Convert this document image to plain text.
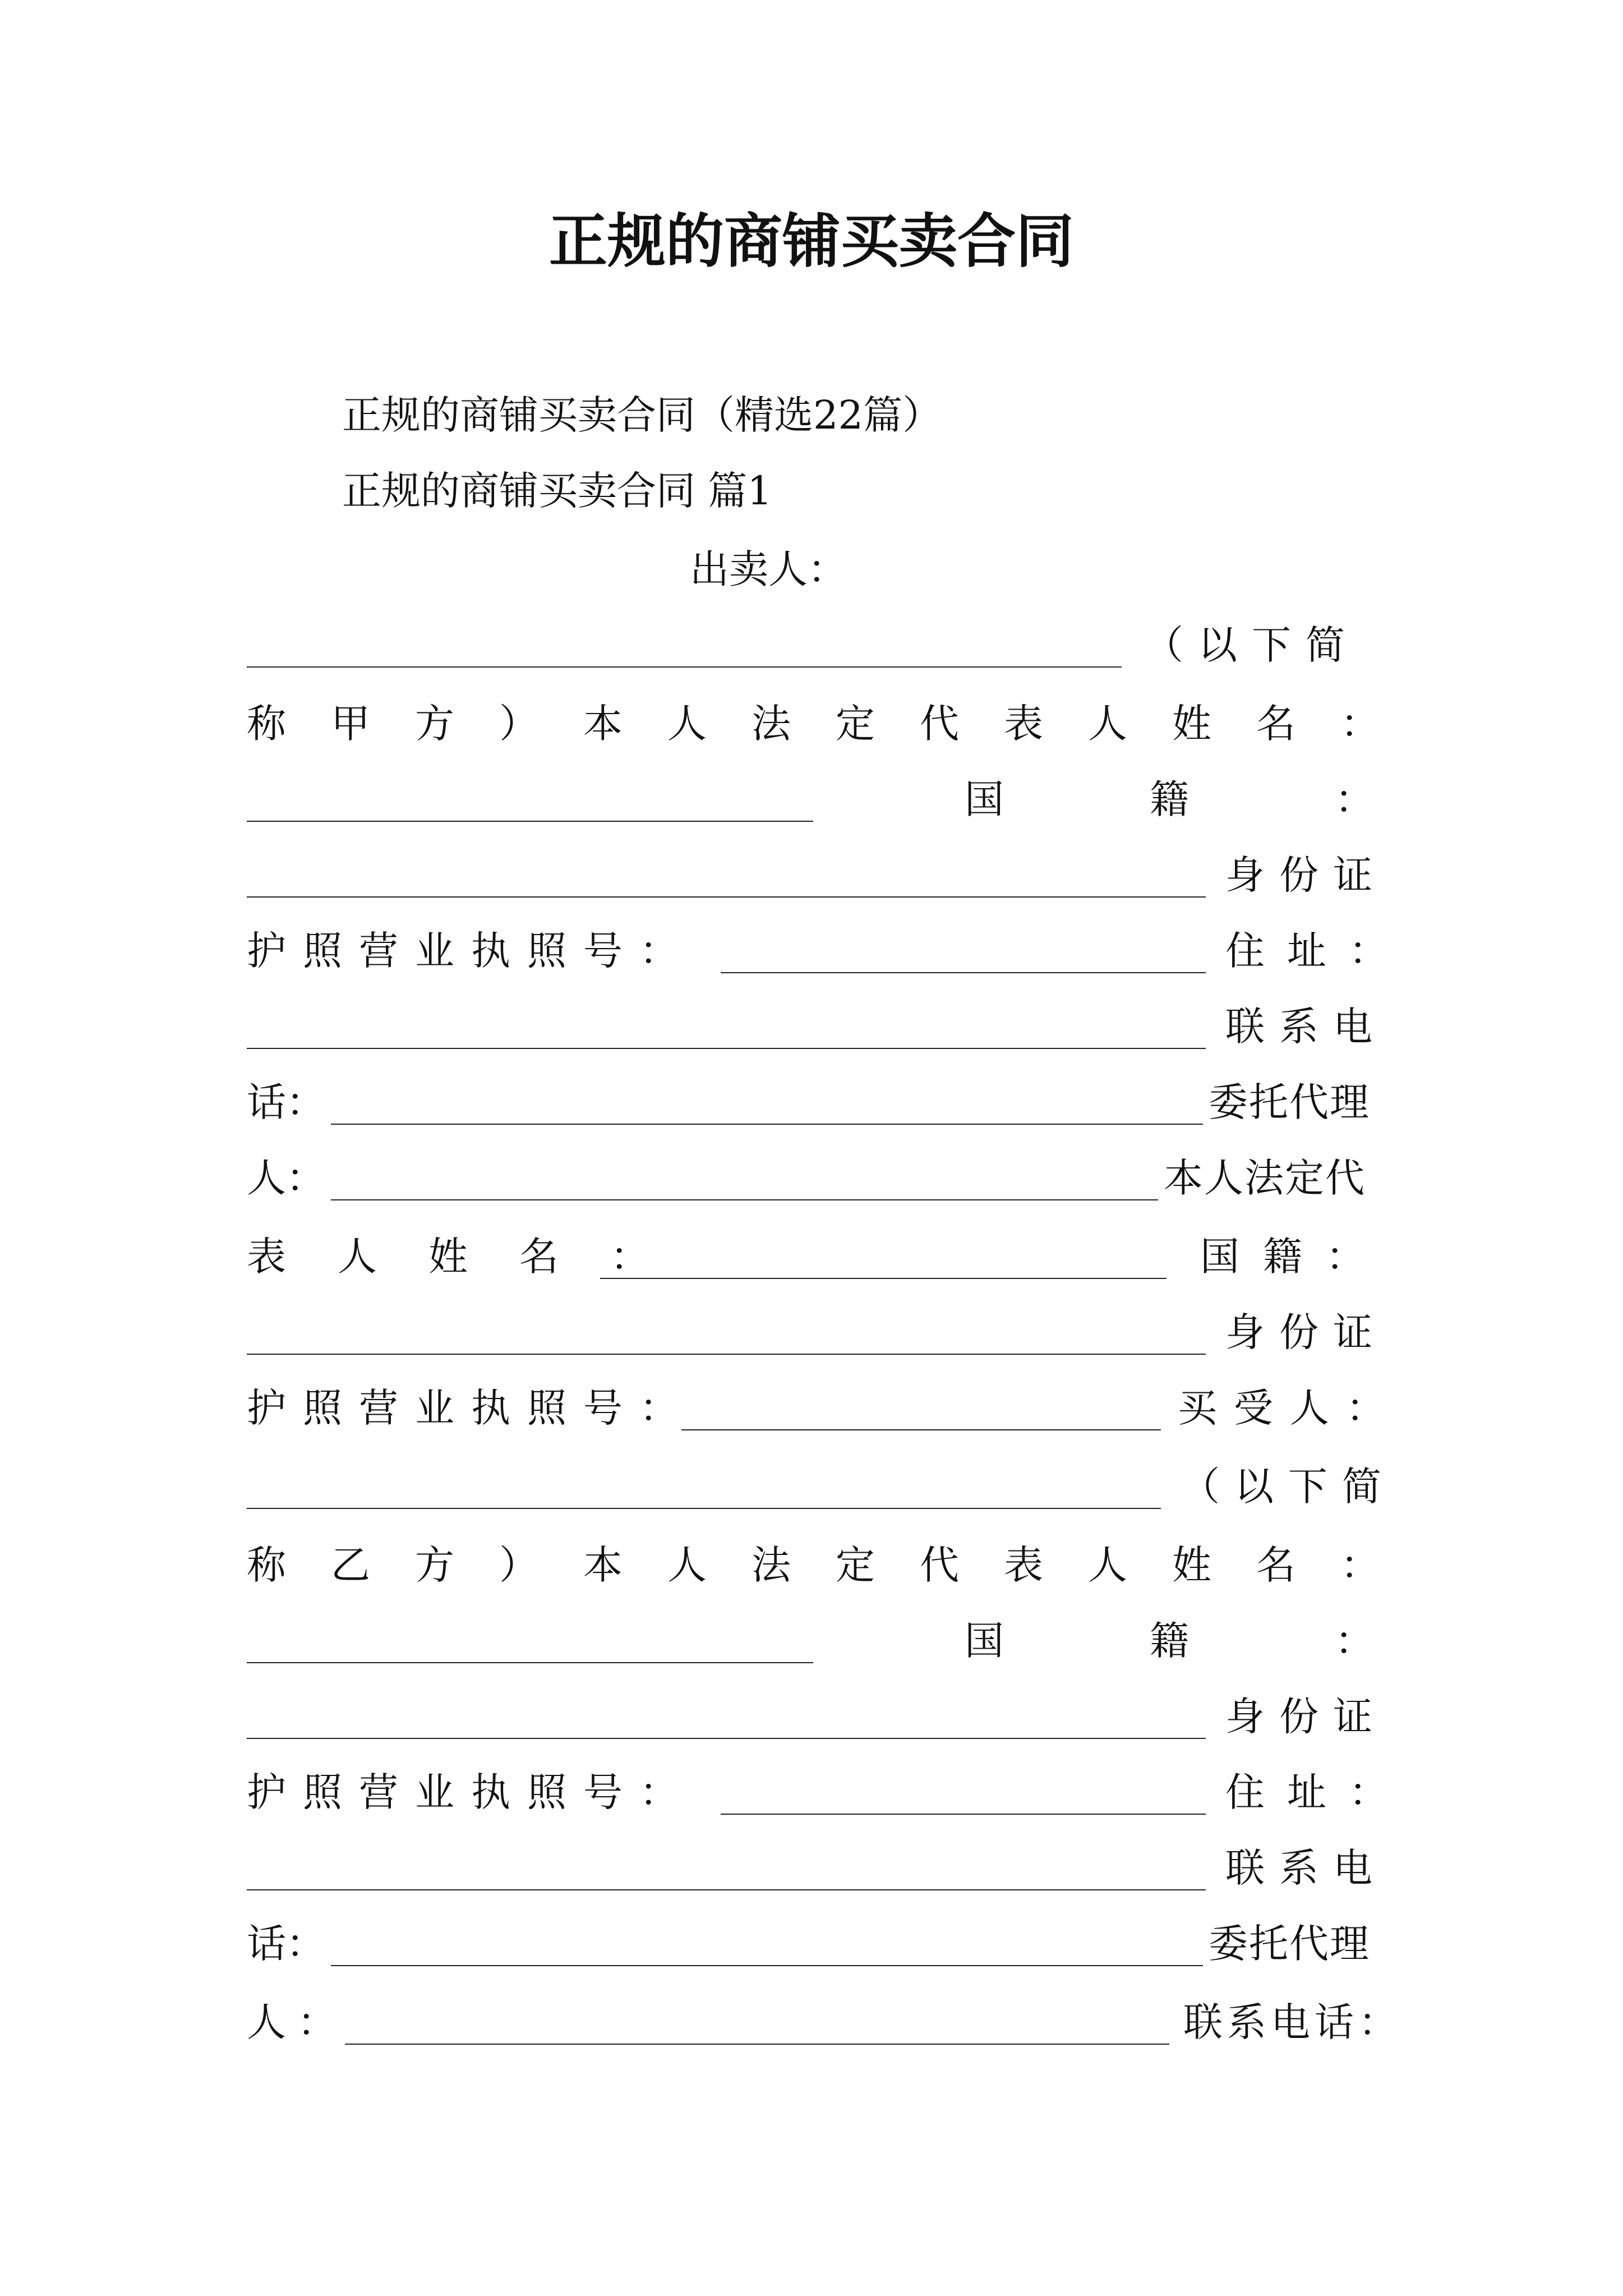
正规的商铺买卖合同
正规的商铺买卖合同（精选22篇）
正规的商铺买卖合同 篇1
出卖人：
（以下简
称甲方）本人法定代表人姓名：
国籍：
身份证
护照营业执照号：	住址：
联系电
话：	委托代理
人：	本人法定代
表人姓名：	国籍：
身份证
护照营业执照号：	买受人：
（以下简
称乙方）本人法定代表人姓名：
国籍：
身份证
护照营业执照号：	住址：
联系电
话：	委托代理
人：	联系电话：
